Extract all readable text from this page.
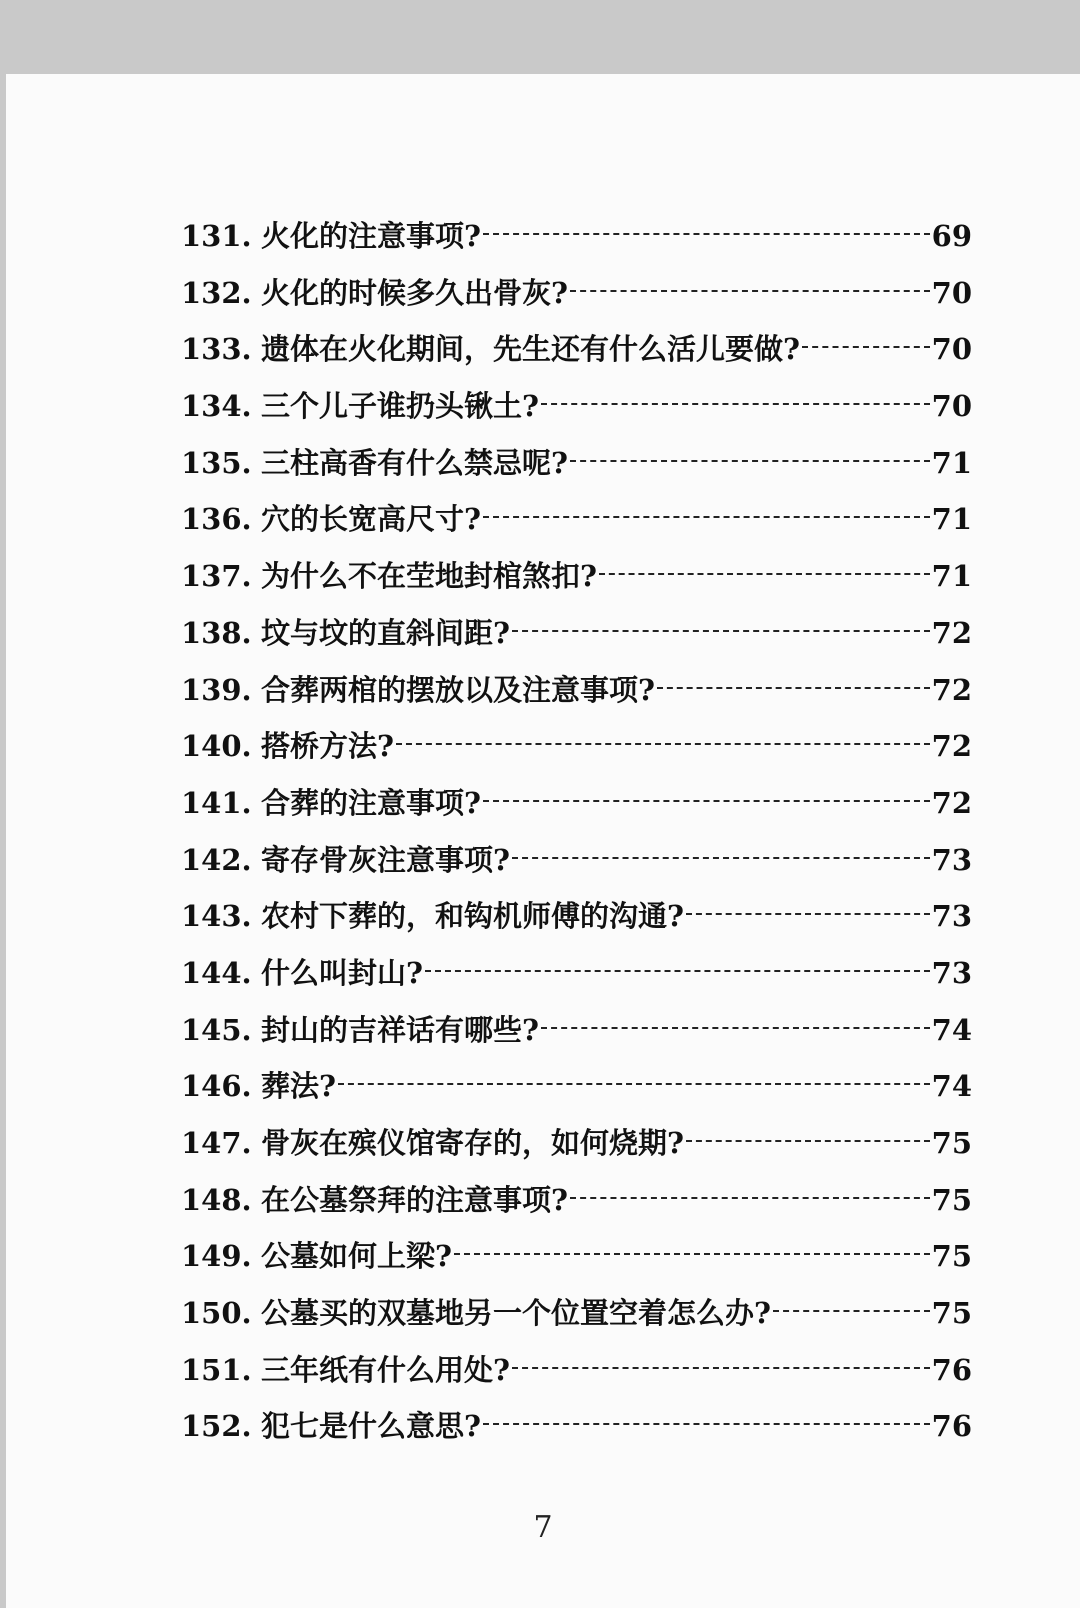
131. 火化的注意事项?	69
132. 火化的时候多久出骨灰?	70
133. 遗体在火化期间，先生还有什么活儿要做?	70
134. 三个儿子谁扔头锹土?	70
135. 三柱高香有什么禁忌呢?	71
136. 穴的长宽高尺寸?	71
137. 为什么不在茔地封棺煞扣?	71
138. 坟与坟的直斜间距?	72
139. 合葬两棺的摆放以及注意事项?	72
140. 搭桥方法?	72
141. 合葬的注意事项?	72
142. 寄存骨灰注意事项?	73
143. 农村下葬的，和钩机师傅的沟通?	73
144. 什么叫封山?	73
145. 封山的吉祥话有哪些?	74
146. 葬法?	74
147. 骨灰在殡仪馆寄存的，如何烧期?	75
148. 在公墓祭拜的注意事项?	75
149. 公墓如何上梁?	75
150. 公墓买的双墓地另一个位置空着怎么办?	75
151. 三年纸有什么用处?	76
152. 犯七是什么意思?	76
7
